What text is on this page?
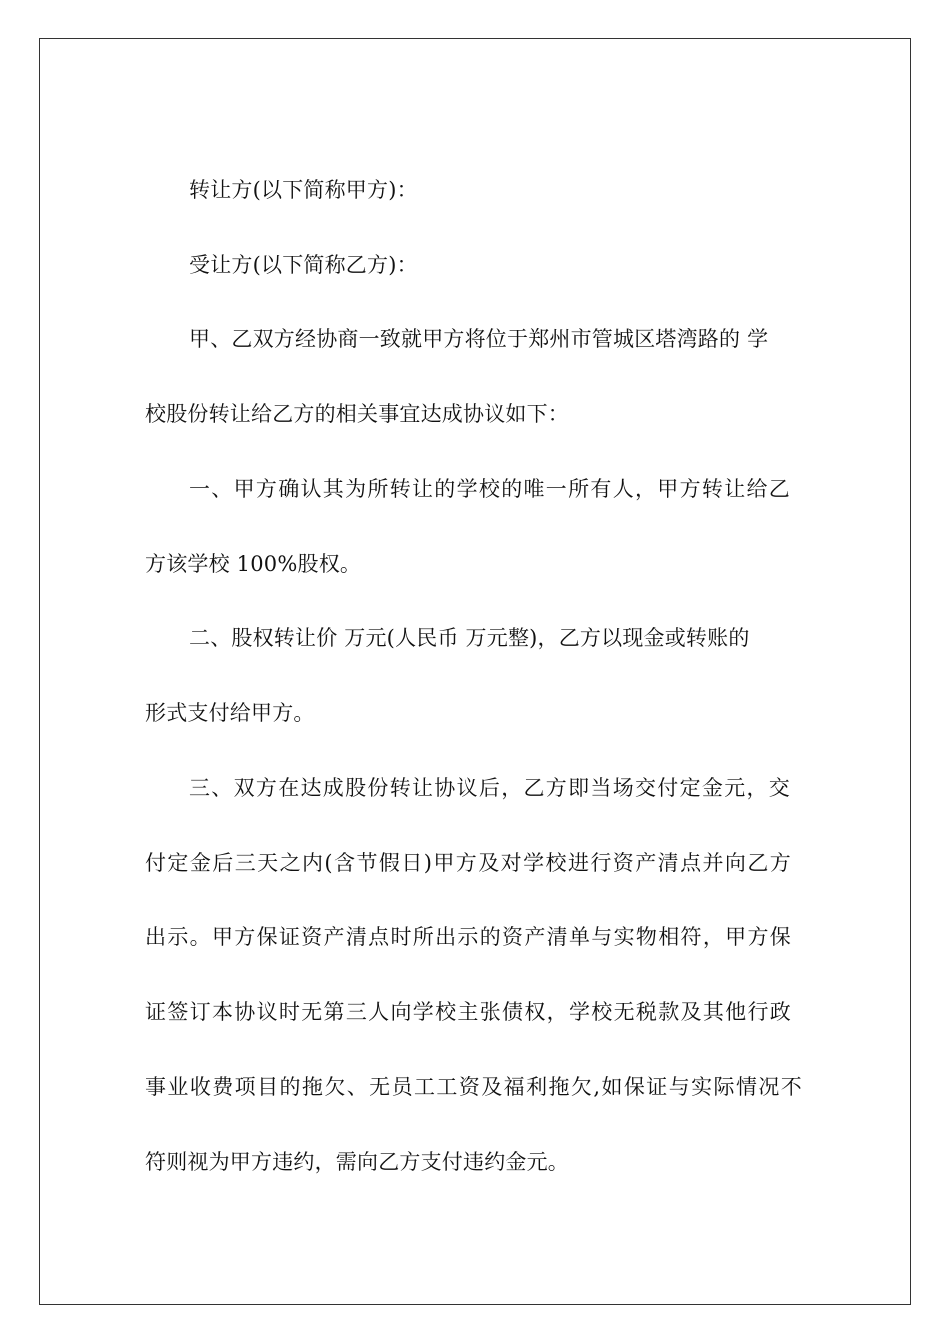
转让方(以下简称甲方)：
受让方(以下简称乙方)：
甲、乙双方经协商一致就甲方将位于郑州市管城区塔湾路的 学
校股份转让给乙方的相关事宜达成协议如下：
一、甲方确认其为所转让的学校的唯一所有人，甲方转让给乙
方该学校 100%股权。
二、股权转让价 万元(人民币 万元整)，乙方以现金或转账的
形式支付给甲方。
三、双方在达成股份转让协议后，乙方即当场交付定金元，交
付定金后三天之内(含节假日)甲方及对学校进行资产清点并向乙方
出示。甲方保证资产清点时所出示的资产清单与实物相符，甲方保
证签订本协议时无第三人向学校主张债权，学校无税款及其他行政
事业收费项目的拖欠、无员工工资及福利拖欠,如保证与实际情况不
符则视为甲方违约，需向乙方支付违约金元。
